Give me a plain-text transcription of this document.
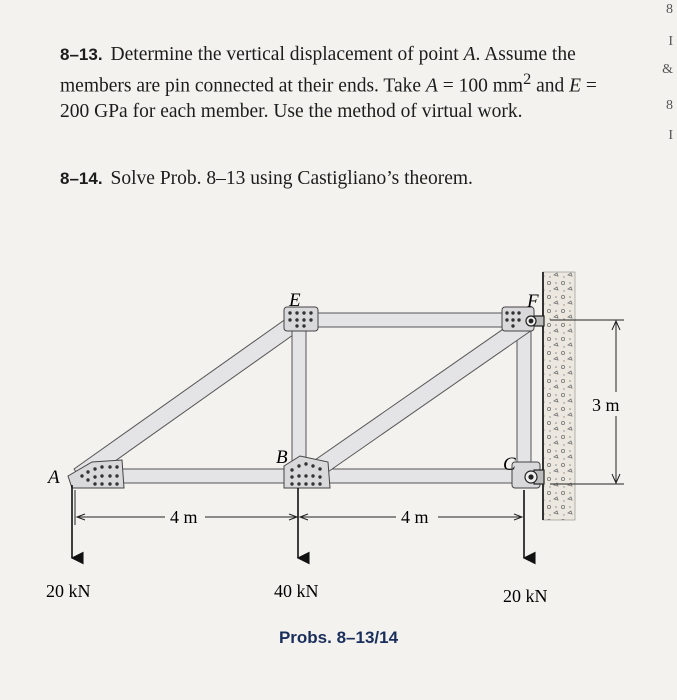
8–13. Determine the vertical displacement of point A. Assume the members are pin connected at their ends. Take A = 100 $mm^2$ and E = 200 GPa for each member. Use the method of virtual work.

8–14. Solve Prob. 8–13 using Castigliano’s theorem.

8
I
&
8
I
A
E	F
B	C
3 m
4 m	4 m
20 kN	40 kN	20 kN
Probs. 8–13/14
